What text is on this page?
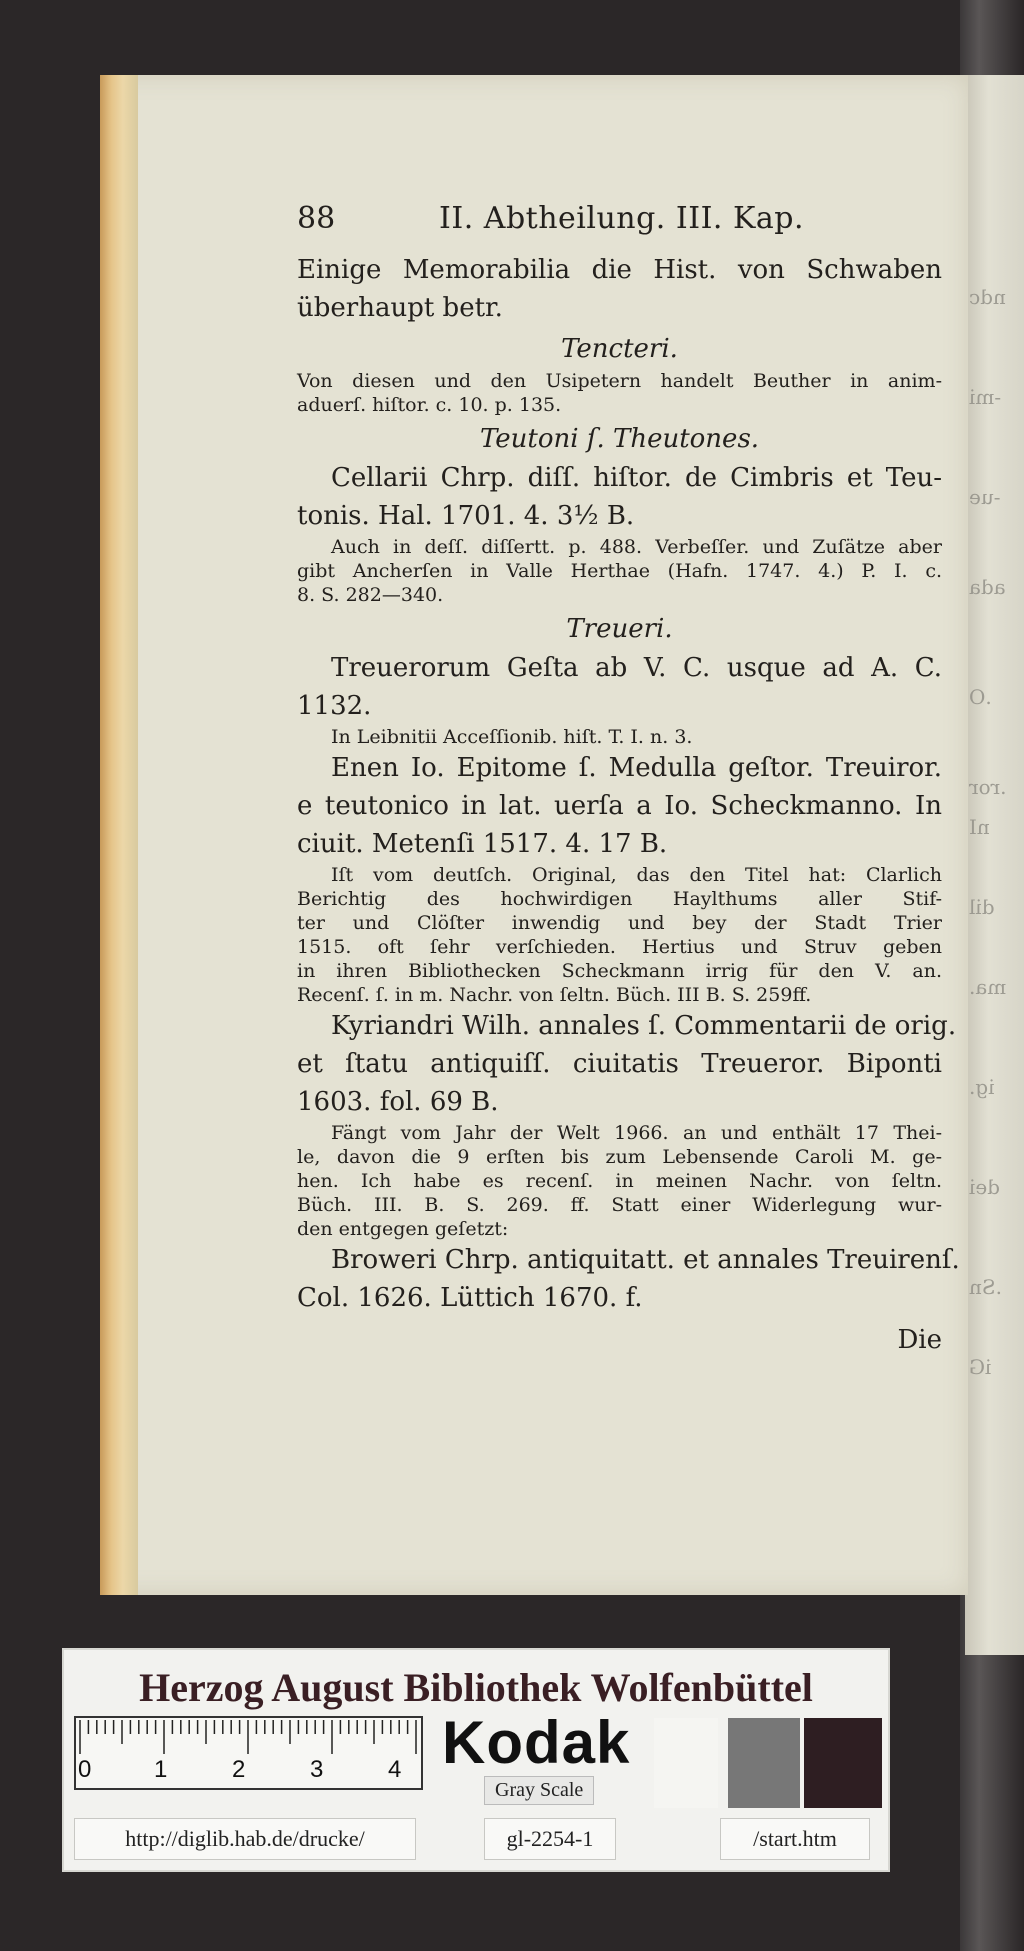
ndc
-mi
-ue
ada
.O
.ror
nI
dil
ma.
ig.
dei
.Sn
iG
88	II. Abtheilung. III. Kap.
Einige Memorabilia die Hist. von Schwaben
überhaupt betr.
Tencteri.
Von diesen und den Usipetern handelt Beuther in anim-
aduerſ. hiſtor. c. 10. p. 135.
Teutoni ſ. Theutones.
Cellarii Chrp. diſſ. hiſtor. de Cimbris et Teu-
tonis. Hal. 1701. 4. 3½ B.
Auch in deſſ. diſſertt. p. 488. Verbeſſer. und Zuſätze aber
gibt Ancherſen in Valle Herthae (Hafn. 1747. 4.) P. I. c.
8. S. 282—340.
Treueri.
Treuerorum Geſta ab V. C. usque ad A. C.
1132.
In Leibnitii Acceſſionib. hiſt. T. I. n. 3.
Enen Io. Epitome ſ. Medulla geſtor. Treuiror.
e teutonico in lat. uerſa a Io. Scheckmanno. In
ciuit. Metenſi 1517. 4. 17 B.
Iſt vom deutſch. Original, das den Titel hat: Clarlich
Berichtig des hochwirdigen Haylthums aller Stif-
ter und Clöſter inwendig und bey der Stadt Trier
1515. oft ſehr verſchieden. Hertius und Struv geben
in ihren Bibliothecken Scheckmann irrig für den V. an.
Recenſ. ſ. in m. Nachr. von ſeltn. Büch. III B. S. 259ff.
Kyriandri Wilh. annales ſ. Commentarii de orig.
et ſtatu antiquiſſ. ciuitatis Treueror. Biponti
1603. fol. 69 B.
Fängt vom Jahr der Welt 1966. an und enthält 17 Thei-
le, davon die 9 erſten bis zum Lebensende Caroli M. ge-
hen. Ich habe es recenſ. in meinen Nachr. von ſeltn.
Büch. III. B. S. 269. ff. Statt einer Widerlegung wur-
den entgegen geſetzt:
Broweri Chrp. antiquitatt. et annales Treuirenſ.
Col. 1626. Lüttich 1670. f.
Die
Herzog August Bibliothek Wolfenbüttel
0	1	2	3	4 Kodak
Gray Scale
http://diglib.hab.de/drucke/	gl-2254-1	/start.htm
